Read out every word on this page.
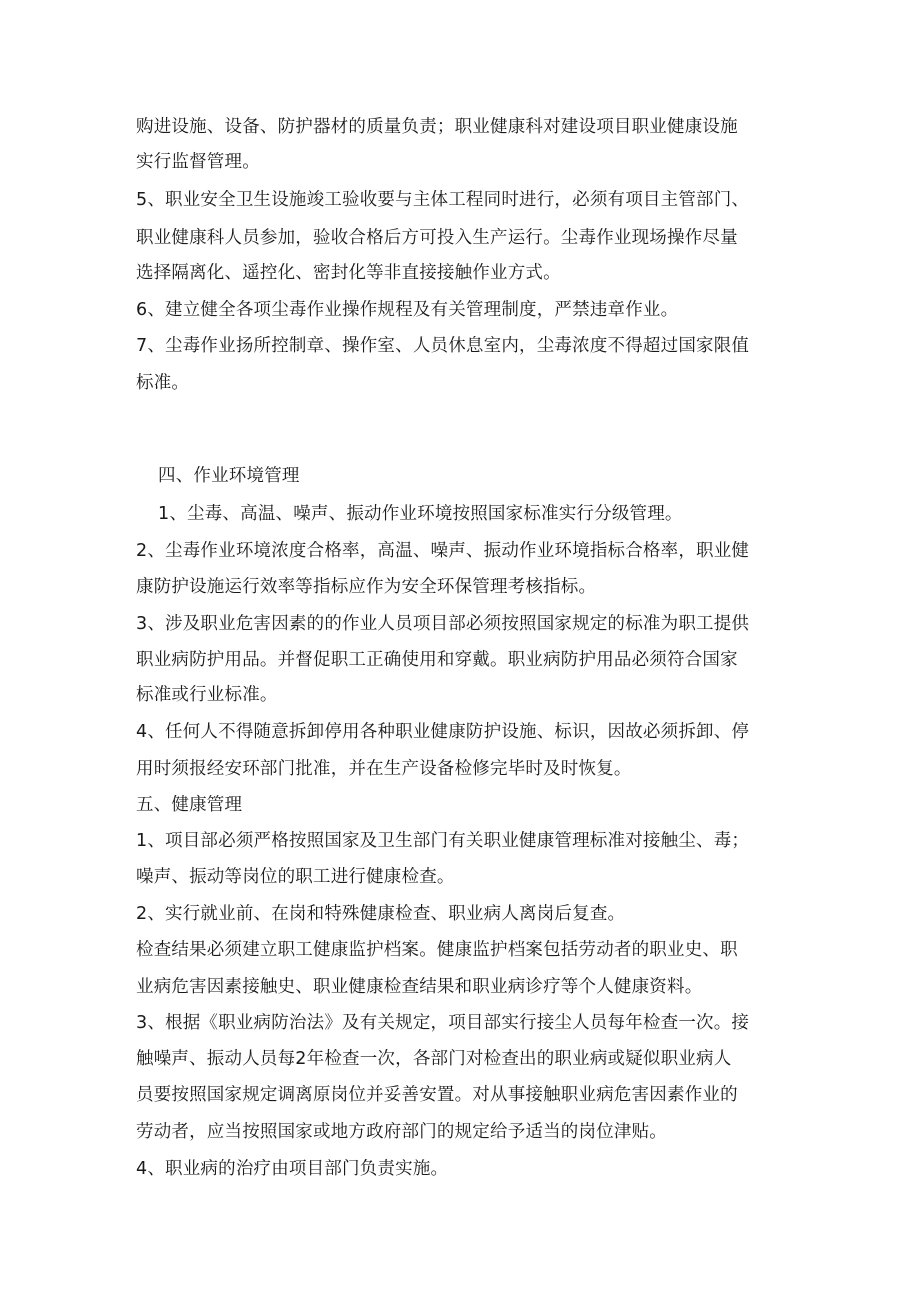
购进设施、设备、防护器材的质量负责；职业健康科对建设项目职业健康设施
实行监督管理。
5、职业安全卫生设施竣工验收要与主体工程同时进行，必须有项目主管部门、
职业健康科人员参加，验收合格后方可投入生产运行。尘毒作业现场操作尽量
选择隔离化、遥控化、密封化等非直接接触作业方式。
6、建立健全各项尘毒作业操作规程及有关管理制度，严禁违章作业。
7、尘毒作业扬所控制章、操作室、人员休息室内，尘毒浓度不得超过国家限值
标准。
四、作业环境管理
1、尘毒、高温、噪声、振动作业环境按照国家标准实行分级管理。
2、尘毒作业环境浓度合格率，高温、噪声、振动作业环境指标合格率，职业健
康防护设施运行效率等指标应作为安全环保管理考核指标。
3、涉及职业危害因素的的作业人员项目部必须按照国家规定的标准为职工提供
职业病防护用品。并督促职工正确使用和穿戴。职业病防护用品必须符合国家
标准或行业标准。
4、任何人不得随意拆卸停用各种职业健康防护设施、标识，因故必须拆卸、停
用时须报经安环部门批准，并在生产设备检修完毕时及时恢复。
五、健康管理
1、项目部必须严格按照国家及卫生部门有关职业健康管理标准对接触尘、毒；
噪声、振动等岗位的职工进行健康检查。
2、实行就业前、在岗和特殊健康检查、职业病人离岗后复查。
检查结果必须建立职工健康监护档案。健康监护档案包括劳动者的职业史、职
业病危害因素接触史、职业健康检查结果和职业病诊疗等个人健康资料。
3、根据《职业病防治法》及有关规定，项目部实行接尘人员每年检查一次。接
触噪声、振动人员每2年检查一次，各部门对检查出的职业病或疑似职业病人
员要按照国家规定调离原岗位并妥善安置。对从事接触职业病危害因素作业的
劳动者，应当按照国家或地方政府部门的规定给予适当的岗位津贴。
4、职业病的治疗由项目部门负责实施。
